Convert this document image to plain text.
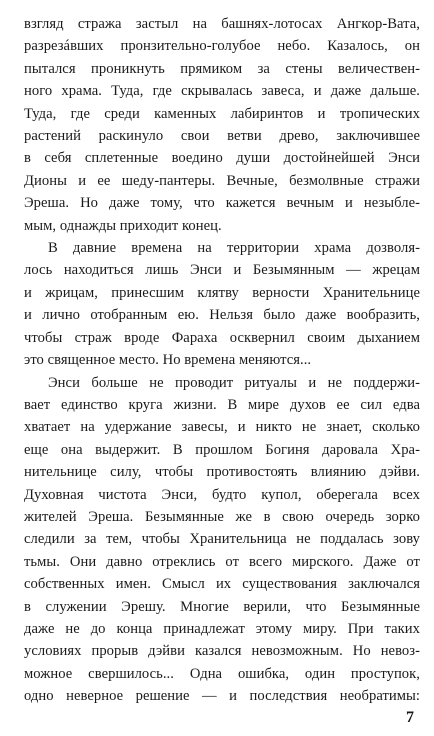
взгляд стража застыл на башнях-лотосах Ангкор-Вата,
разрезáвших пронзительно-голубое небо. Казалось, он
пытался проникнуть прямиком за стены величествен-
ного храма. Туда, где скрывалась завеса, и даже дальше.
Туда, где среди каменных лабиринтов и тропических
растений раскинуло свои ветви древо, заключившее
в себя сплетенные воедино души достойнейшей Энси
Дионы и ее шеду-пантеры. Вечные, безмолвные стражи
Эреша. Но даже тому, что кажется вечным и незыбле-
мым, однажды приходит конец.
В давние времена на территории храма дозволя-
лось находиться лишь Энси и Безымянным — жрецам
и жрицам, принесшим клятву верности Хранительнице
и лично отобранным ею. Нельзя было даже вообразить,
чтобы страж вроде Фараха осквернил своим дыханием
это священное место. Но времена меняются...
Энси больше не проводит ритуалы и не поддержи-
вает единство круга жизни. В мире духов ее сил едва
хватает на удержание завесы, и никто не знает, сколько
еще она выдержит. В прошлом Богиня даровала Хра-
нительнице силу, чтобы противостоять влиянию дэйви.
Духовная чистота Энси, будто купол, оберегала всех
жителей Эреша. Безымянные же в свою очередь зорко
следили за тем, чтобы Хранительница не поддалась зову
тьмы. Они давно отреклись от всего мирского. Даже от
собственных имен. Смысл их существования заключался
в служении Эрешу. Многие верили, что Безымянные
даже не до конца принадлежат этому миру. При таких
условиях прорыв дэйви казался невозможным. Но невоз-
можное свершилось... Одна ошибка, один проступок,
одно неверное решение — и последствия необратимы:
7
